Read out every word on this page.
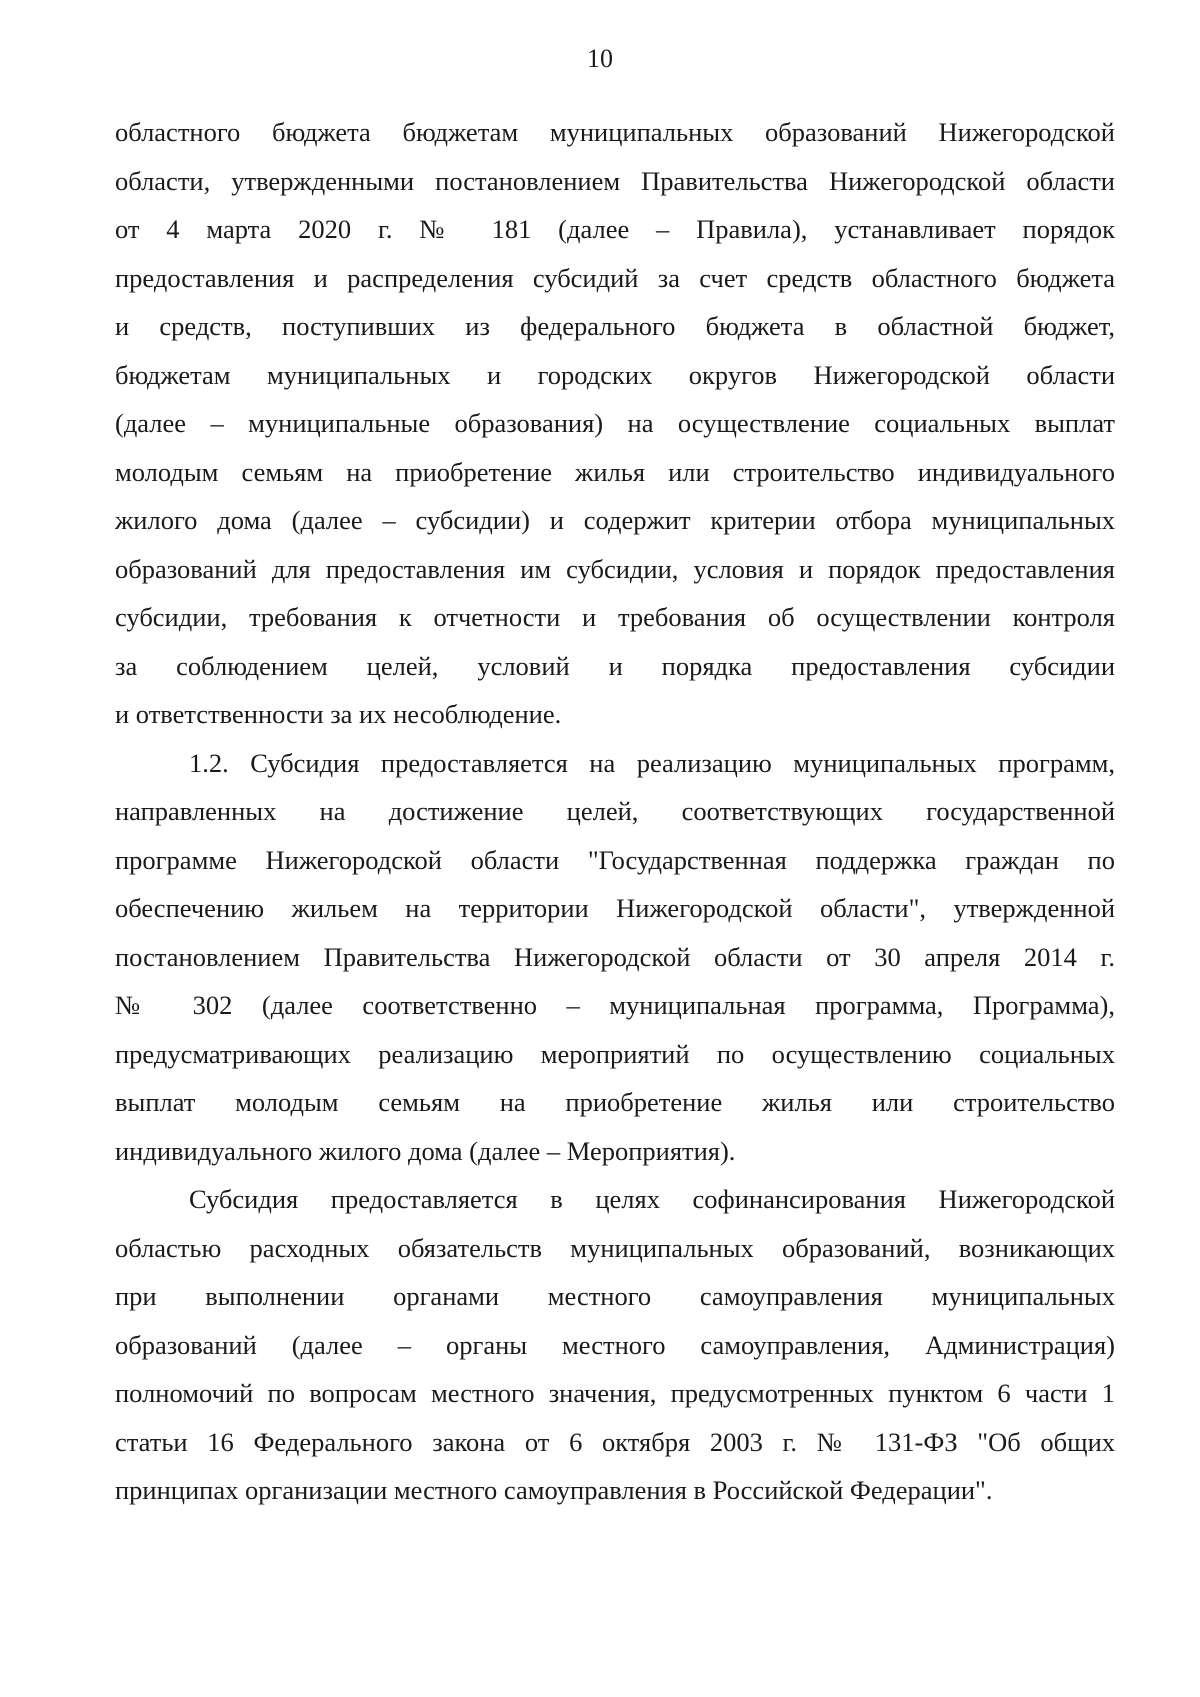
10
областного бюджета бюджетам муниципальных образований Нижегородской
области, утвержденными постановлением Правительства Нижегородской области
от 4 марта 2020 г. № 181 (далее – Правила), устанавливает порядок
предоставления и распределения субсидий за счет средств областного бюджета
и средств, поступивших из федерального бюджета в областной бюджет,
бюджетам муниципальных и городских округов Нижегородской области
(далее – муниципальные образования) на осуществление социальных выплат
молодым семьям на приобретение жилья или строительство индивидуального
жилого дома (далее – субсидии) и содержит критерии отбора муниципальных
образований для предоставления им субсидии, условия и порядок предоставления
субсидии, требования к отчетности и требования об осуществлении контроля
за соблюдением целей, условий и порядка предоставления субсидии
и ответственности за их несоблюдение.
1.2. Субсидия предоставляется на реализацию муниципальных программ,
направленных на достижение целей, соответствующих государственной
программе Нижегородской области "Государственная поддержка граждан по
обеспечению жильем на территории Нижегородской области", утвержденной
постановлением Правительства Нижегородской области от 30 апреля 2014 г.
№ 302 (далее соответственно – муниципальная программа, Программа),
предусматривающих реализацию мероприятий по осуществлению социальных
выплат молодым семьям на приобретение жилья или строительство
индивидуального жилого дома (далее – Мероприятия).
Субсидия предоставляется в целях софинансирования Нижегородской
областью расходных обязательств муниципальных образований, возникающих
при выполнении органами местного самоуправления муниципальных
образований (далее – органы местного самоуправления, Администрация)
полномочий по вопросам местного значения, предусмотренных пунктом 6 части 1
статьи 16 Федерального закона от 6 октября 2003 г. № 131-ФЗ "Об общих
принципах организации местного самоуправления в Российской Федерации".
